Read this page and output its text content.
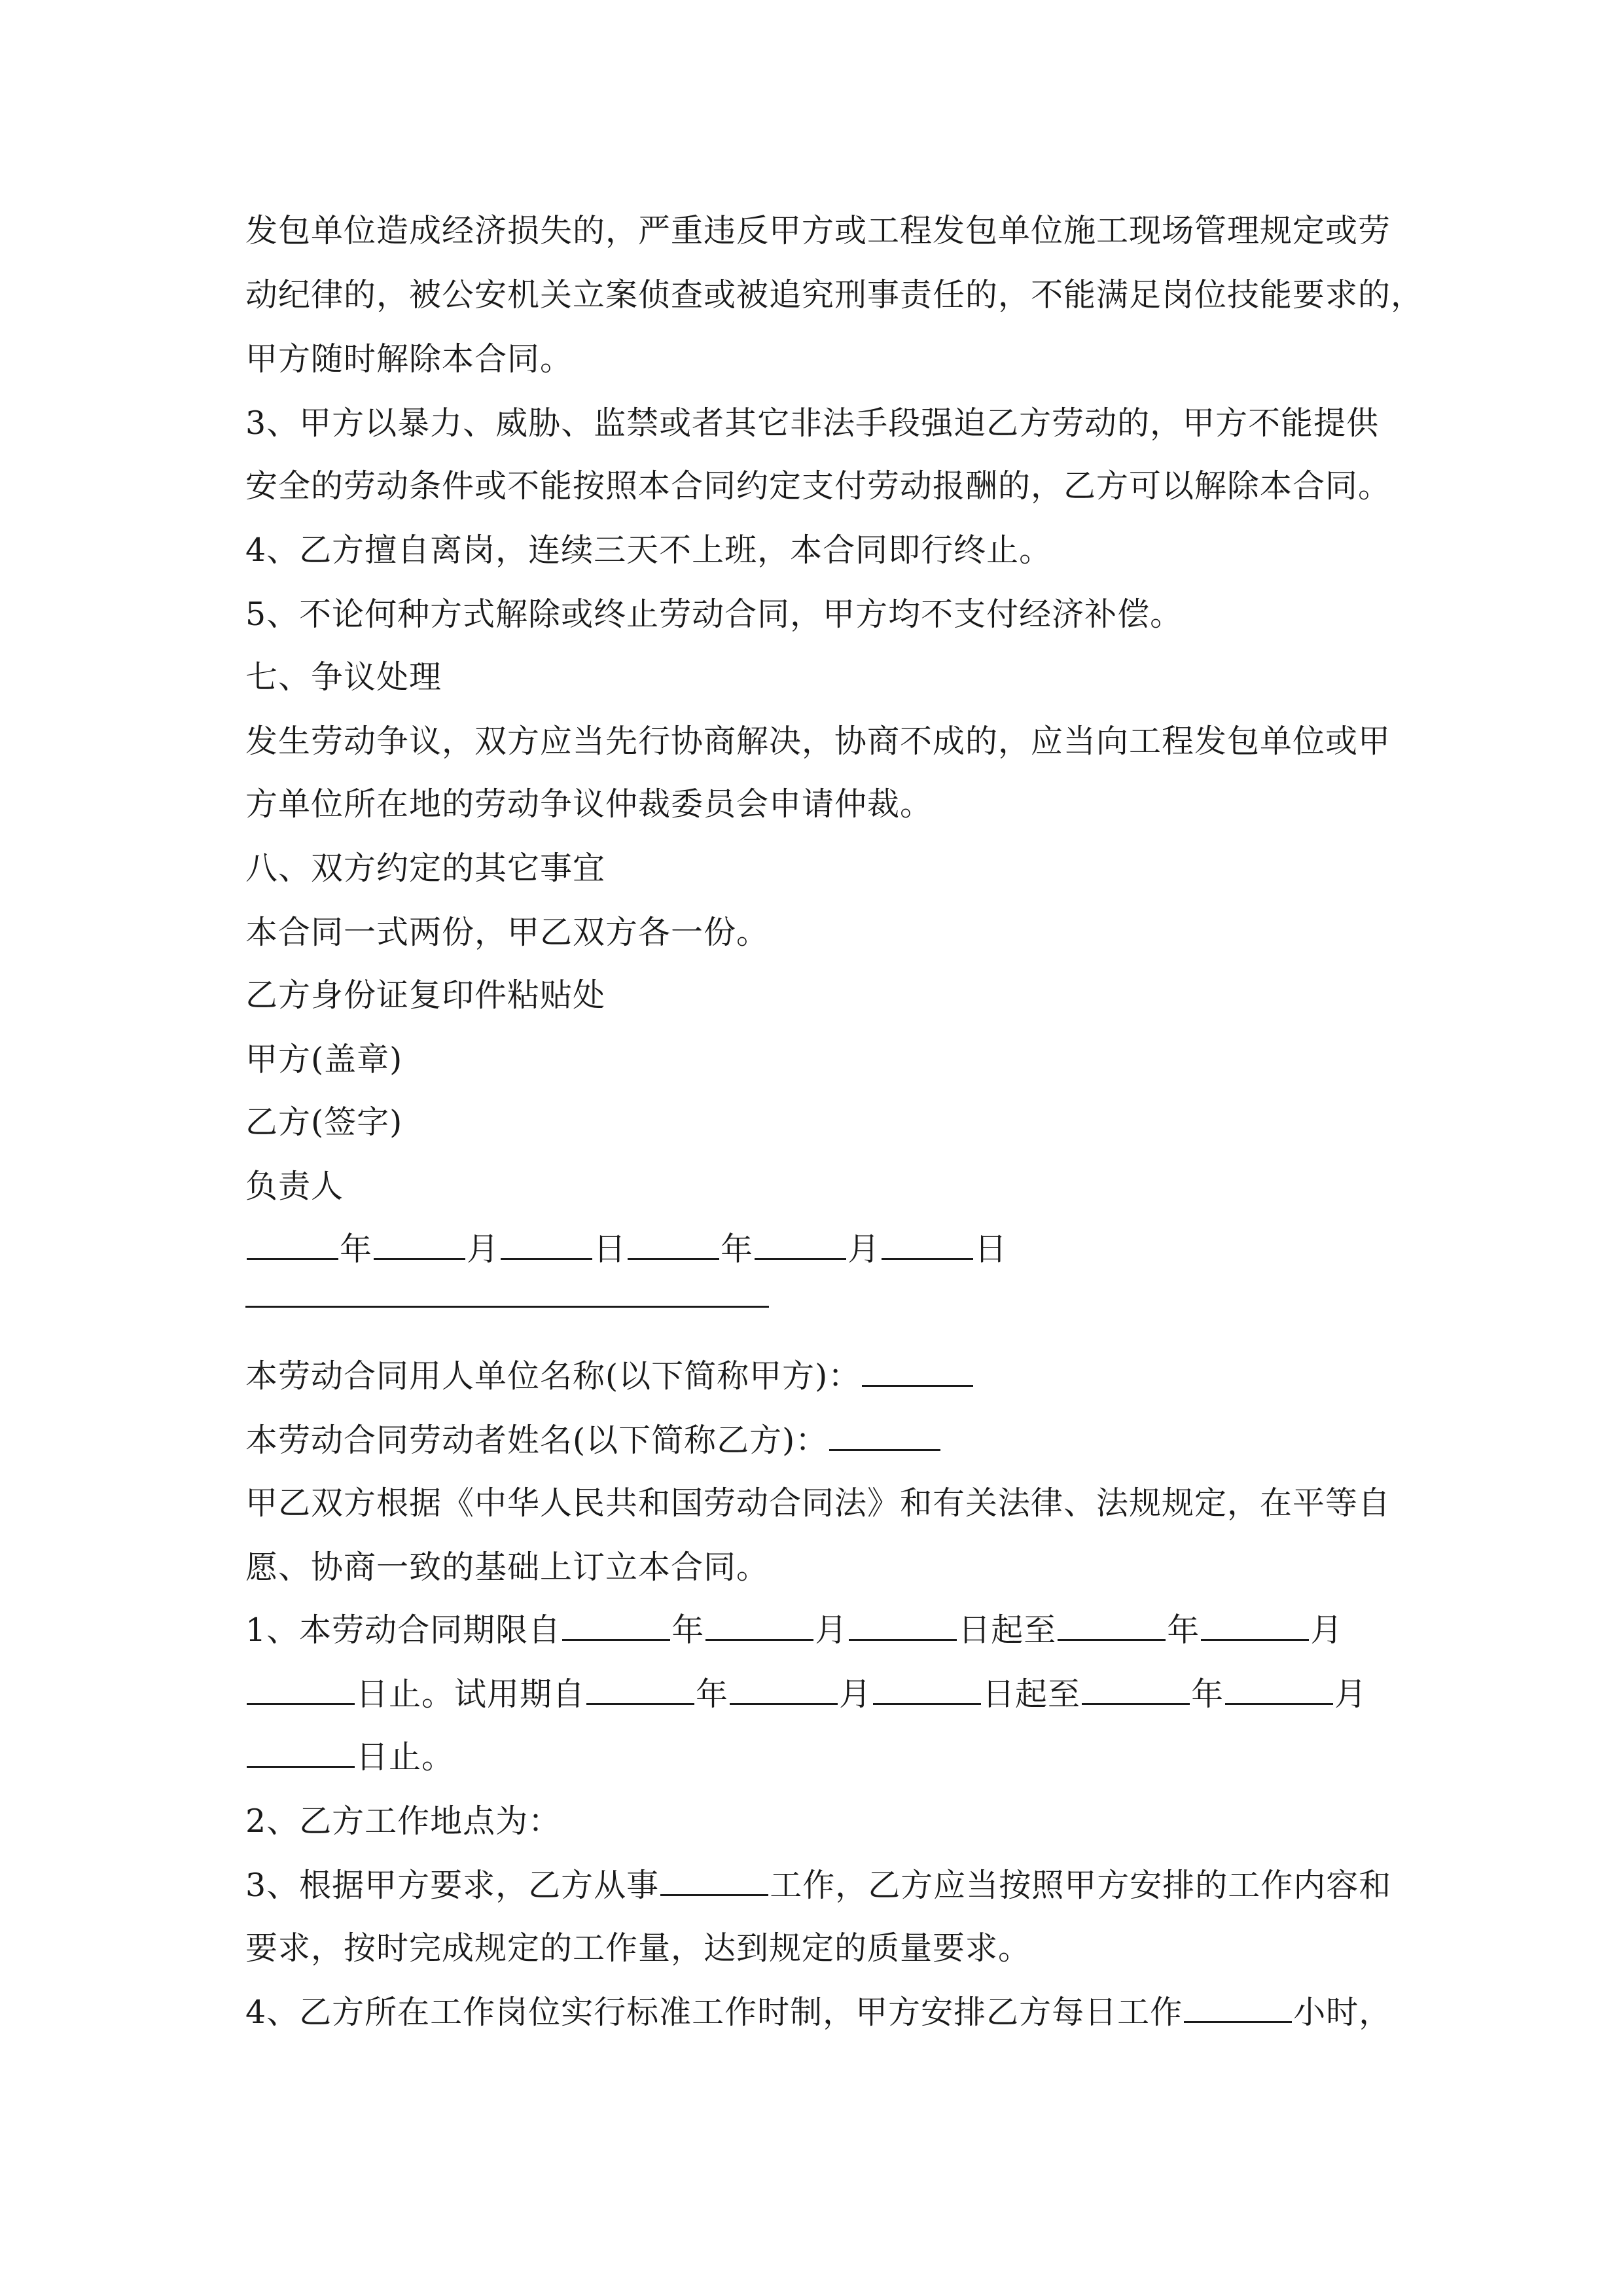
发包单位造成经济损失的，严重违反甲方或工程发包单位施工现场管理规定或劳
动纪律的，被公安机关立案侦查或被追究刑事责任的，不能满足岗位技能要求的，
甲方随时解除本合同。
3、甲方以暴力、威胁、监禁或者其它非法手段强迫乙方劳动的，甲方不能提供
安全的劳动条件或不能按照本合同约定支付劳动报酬的，乙方可以解除本合同。
4、乙方擅自离岗，连续三天不上班，本合同即行终止。
5、不论何种方式解除或终止劳动合同，甲方均不支付经济补偿。
七、争议处理
发生劳动争议，双方应当先行协商解决，协商不成的，应当向工程发包单位或甲
方单位所在地的劳动争议仲裁委员会申请仲裁。
八、双方约定的其它事宜
本合同一式两份，甲乙双方各一份。
乙方身份证复印件粘贴处
甲方(盖章)
乙方(签字)
负责人
年	月	日	年	月	日
本劳动合同用人单位名称(以下简称甲方)：
本劳动合同劳动者姓名(以下简称乙方)：
甲乙双方根据《中华人民共和国劳动合同法》和有关法律、法规规定，在平等自
愿、协商一致的基础上订立本合同。
1、本劳动合同期限自	年	月	日起至	年	月
日止。试用期自	年	月	日起至	年	月
日止。
2、乙方工作地点为：
3、根据甲方要求，乙方从事	工作，乙方应当按照甲方安排的工作内容和
要求，按时完成规定的工作量，达到规定的质量要求。
4、乙方所在工作岗位实行标准工作时制，甲方安排乙方每日工作	小时，
